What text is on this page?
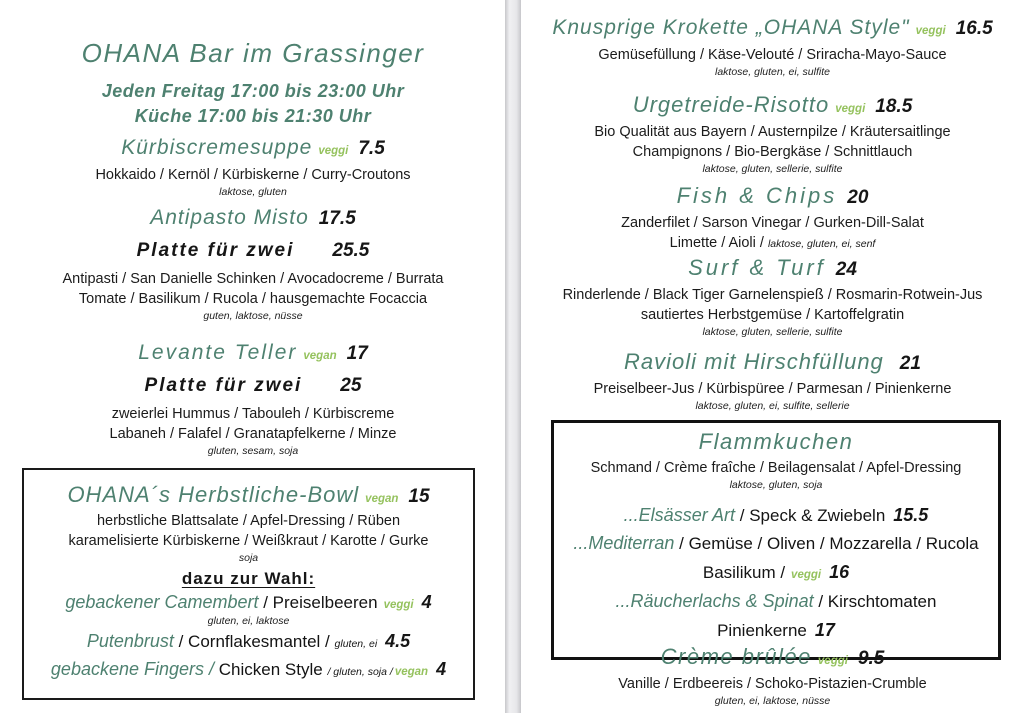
OHANA Bar im Grassinger
Jeden Freitag 17:00 bis 23:00 Uhr
Küche 17:00 bis 21:30 Uhr
Kürbiscremesuppe veggi 7.5
Hokkaido / Kernöl / Kürbiskerne / Curry-Croutons
laktose, gluten
Antipasto Misto 17.5
Platte für zwei 25.5
Antipasti / San Danielle Schinken / Avocadocreme / Burrata
Tomate / Basilikum / Rucola / hausgemachte Focaccia
guten, laktose, nüsse
Levante Teller vegan 17
Platte für zwei 25
zweierlei Hummus / Tabouleh / Kürbiscreme
Labaneh / Falafel / Granatapfelkerne / Minze
gluten, sesam, soja
OHANA´s Herbstliche-Bowl vegan 15
herbstliche Blattsalate / Apfel-Dressing / Rüben
karamelisierte Kürbiskerne / Weißkraut / Karotte / Gurke
soja
dazu zur Wahl:
gebackener Camembert / Preiselbeeren veggi 4
gluten, ei, laktose
Putenbrust / Cornflakesmantel / gluten, ei 4.5
gebackene Fingers / Chicken Style / gluten, soja / vegan 4
Knusprige Krokette „OHANA Style" veggi 16.5
Gemüsefüllung / Käse-Velouté / Sriracha-Mayo-Sauce
laktose, gluten, ei, sulfite
Urgetreide-Risotto veggi 18.5
Bio Qualität aus Bayern / Austernpilze / Kräutersaitlinge
Champignons / Bio-Bergkäse / Schnittlauch
laktose, gluten, sellerie, sulfite
Fish & Chips 20
Zanderfilet / Sarson Vinegar / Gurken-Dill-Salat
Limette / Aioli / laktose, gluten, ei, senf
Surf & Turf 24
Rinderlende / Black Tiger Garnelenspieß / Rosmarin-Rotwein-Jus
sautiertes Herbstgemüse / Kartoffelgratin
laktose, gluten, sellerie, sulfite
Ravioli mit Hirschfüllung 21
Preiselbeer-Jus / Kürbispüree / Parmesan / Pinienkerne
laktose, gluten, ei, sulfite, sellerie
Flammkuchen
Schmand / Crème fraîche / Beilagensalat / Apfel-Dressing
laktose, gluten, soja
...Elsässer Art / Speck & Zwiebeln 15.5
...Mediterran / Gemüse / Oliven / Mozzarella / Rucola
Basilikum / veggi 16
...Räucherlachs & Spinat / Kirschtomaten
Pinienkerne 17
Crème brûlée veggi 9.5
Vanille / Erdbeereis / Schoko-Pistazien-Crumble
gluten, ei, laktose, nüsse
